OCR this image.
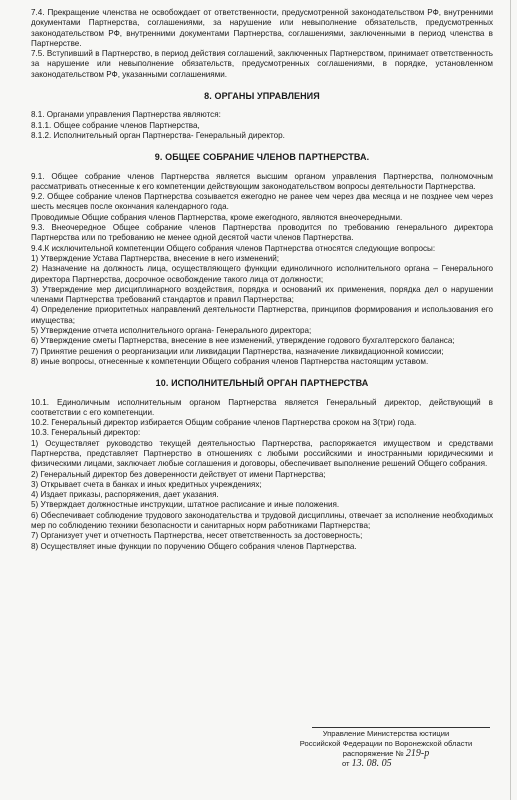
7.4. Прекращение членства не освобождает от ответственности, предусмотренной законодательством РФ, внутренними документами Партнерства, соглашениями, за нарушение или невыполнение обязательств, предусмотренных законодательством РФ, внутренними документами Партнерства, соглашениями, заключенными в период членства в Партнерстве.

7.5. Вступивший в Партнерство, в период действия соглашений, заключенных Партнерством, принимает ответственность за нарушение или невыполнение обязательств, предусмотренных соглашениями, в порядке, установленном законодательством РФ, указанными соглашениями.

8. ОРГАНЫ УПРАВЛЕНИЯ

8.1. Органами управления Партнерства являются:

8.1.1. Общее собрание членов Партнерства,

8.1.2. Исполнительный орган Партнерства- Генеральный директор.

9. ОБЩЕЕ СОБРАНИЕ ЧЛЕНОВ ПАРТНЕРСТВА.

9.1. Общее собрание членов Партнерства является высшим органом управления Партнерства, полномочным рассматривать отнесенные к его компетенции действующим законодательством вопросы деятельности Партнерства.

9.2. Общее собрание членов Партнерства созывается ежегодно не ранее чем через два месяца и не позднее чем через шесть месяцев после окончания календарного года.

Проводимые Общие собрания членов Партнерства, кроме ежегодного, являются внеочередными.

9.3. Внеочередное Общее собрание членов Партнерства проводится по требованию генерального директора Партнерства или по требованию не менее одной десятой части членов Партнерства.

9.4.К исключительной компетенции Общего собрания членов Партнерства относятся следующие вопросы:

1) Утверждение Устава Партнерства, внесение в него изменений;

2) Назначение на должность лица, осуществляющего функции единоличного исполнительного органа – Генерального директора Партнерства, досрочное освобождение такого лица от должности;

3) Утверждение мер дисциплинарного воздействия, порядка и оснований их применения, порядка дел о нарушении членами Партнерства требований стандартов и правил Партнерства;

4) Определение приоритетных направлений деятельности Партнерства, принципов формирования и использования его имущества;

5) Утверждение отчета исполнительного органа- Генерального директора;

6) Утверждение сметы Партнерства, внесение в нее изменений, утверждение годового бухгалтерского баланса;

7) Принятие решения о реорганизации или ликвидации Партнерства, назначение ликвидационной комиссии;

8) иные вопросы, отнесенные к компетенции Общего собрания членов Партнерства настоящим уставом.

10. ИСПОЛНИТЕЛЬНЫЙ ОРГАН ПАРТНЕРСТВА

10.1. Единоличным исполнительным органом Партнерства является Генеральный директор, действующий в соответствии с его компетенции.

10.2. Генеральный директор избирается Общим собрание членов Партнерства сроком на 3(три) года.

10.3. Генеральный директор:

1) Осуществляет руководство текущей деятельностью Партнерства, распоряжается имуществом и средствами Партнерства, представляет Партнерство в отношениях с любыми российскими и иностранными юридическими и физическими лицами, заключает любые соглашения и договоры, обеспечивает выполнение решений Общего собрания.

2) Генеральный директор без доверенности действует от имени Партнерства;

3) Открывает счета в банках и иных кредитных учреждениях;

4) Издает приказы, распоряжения, дает указания.

5) Утверждает должностные инструкции, штатное расписание и иные положения.

6) Обеспечивает соблюдение трудового законодательства и трудовой дисциплины, отвечает за исполнение необходимых мер по соблюдению техники безопасности и санитарных норм работниками Партнерства;

7) Организует учет и отчетность Партнерства, несет ответственность за достоверность;

8) Осуществляет иные функции по поручению Общего собрания членов Партнерства.

Управление Министерства юстиции
Российской Федерации по Воронежской области
распоряжение № 219-р
от 13. 08. 05
